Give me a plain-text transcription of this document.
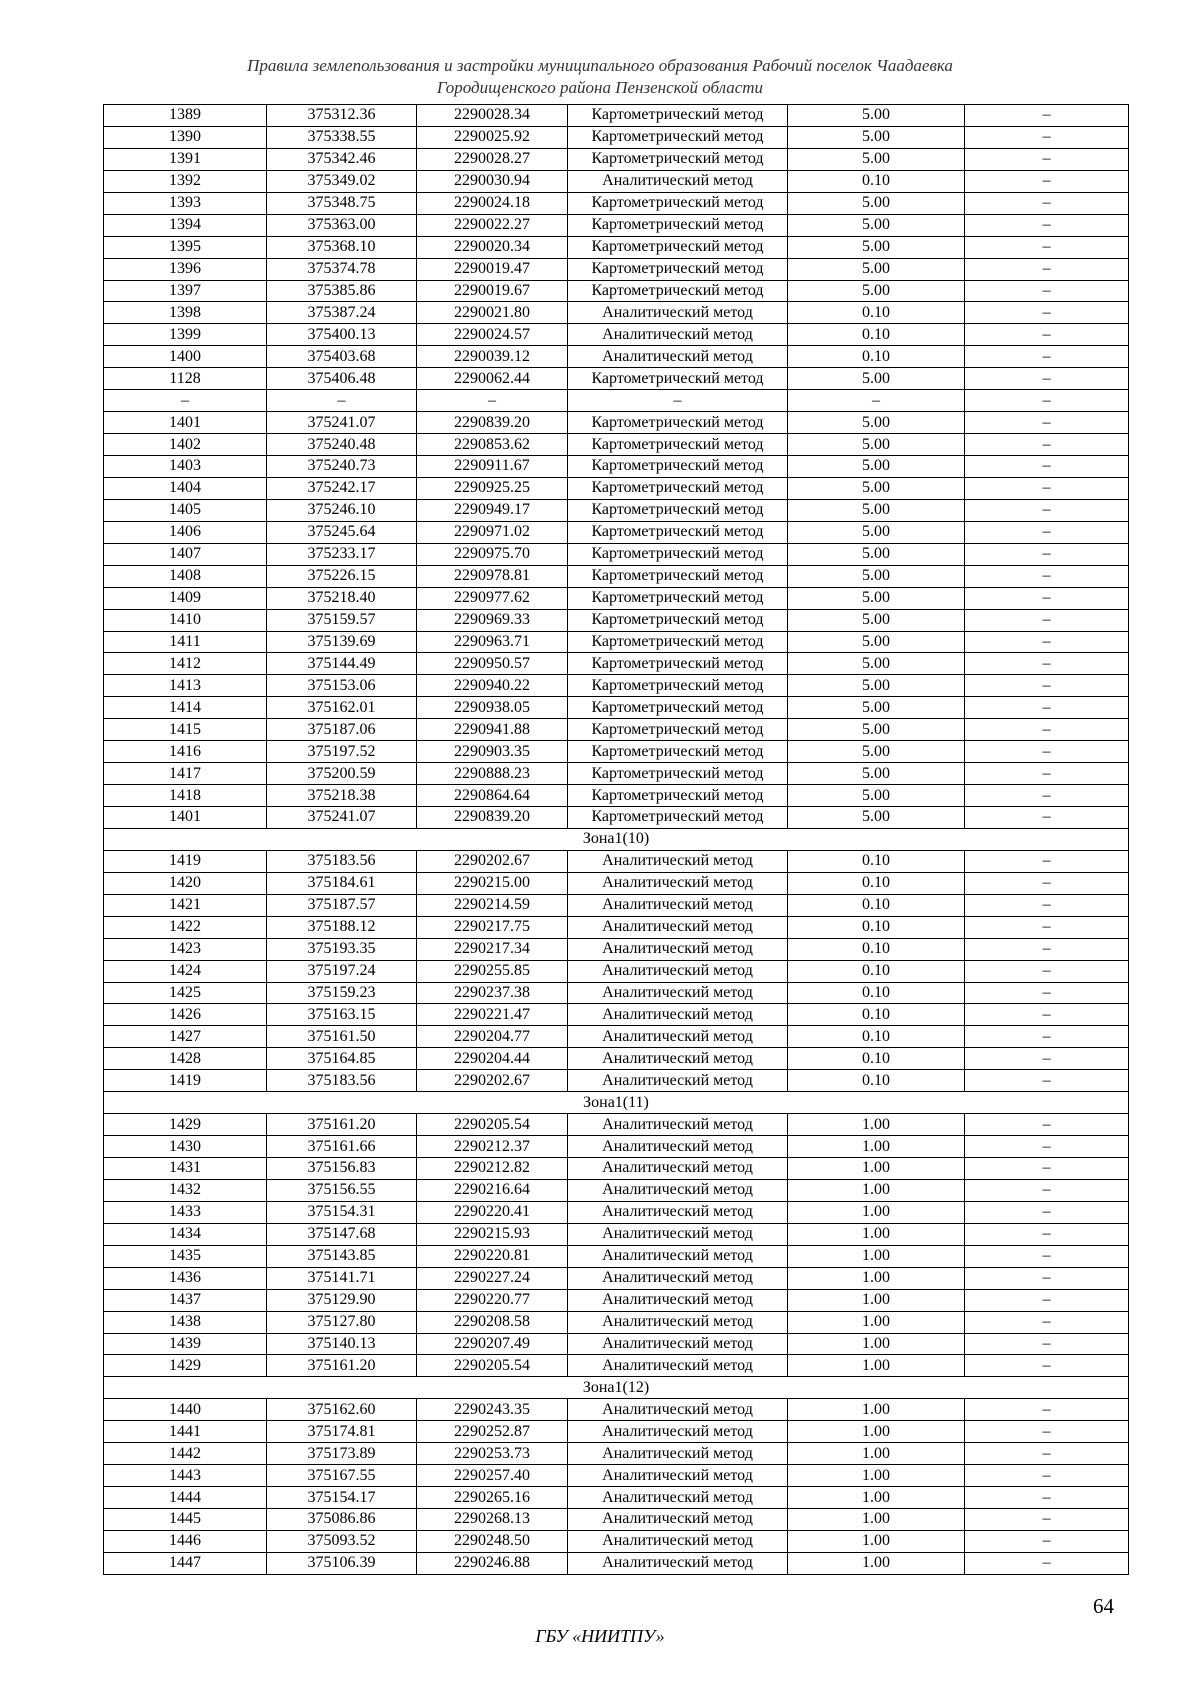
Правила землепользования и застройки муниципального образования Рабочий поселок Чаадаевка
Городищенского района Пензенской области
1389	375312.36	2290028.34	Картометрический метод	5.00	–
1390	375338.55	2290025.92	Картометрический метод	5.00	–
1391	375342.46	2290028.27	Картометрический метод	5.00	–
1392	375349.02	2290030.94	Аналитический метод	0.10	–
1393	375348.75	2290024.18	Картометрический метод	5.00	–
1394	375363.00	2290022.27	Картометрический метод	5.00	–
1395	375368.10	2290020.34	Картометрический метод	5.00	–
1396	375374.78	2290019.47	Картометрический метод	5.00	–
1397	375385.86	2290019.67	Картометрический метод	5.00	–
1398	375387.24	2290021.80	Аналитический метод	0.10	–
1399	375400.13	2290024.57	Аналитический метод	0.10	–
1400	375403.68	2290039.12	Аналитический метод	0.10	–
1128	375406.48	2290062.44	Картометрический метод	5.00	–
–	–	–	–	–	–
1401	375241.07	2290839.20	Картометрический метод	5.00	–
1402	375240.48	2290853.62	Картометрический метод	5.00	–
1403	375240.73	2290911.67	Картометрический метод	5.00	–
1404	375242.17	2290925.25	Картометрический метод	5.00	–
1405	375246.10	2290949.17	Картометрический метод	5.00	–
1406	375245.64	2290971.02	Картометрический метод	5.00	–
1407	375233.17	2290975.70	Картометрический метод	5.00	–
1408	375226.15	2290978.81	Картометрический метод	5.00	–
1409	375218.40	2290977.62	Картометрический метод	5.00	–
1410	375159.57	2290969.33	Картометрический метод	5.00	–
1411	375139.69	2290963.71	Картометрический метод	5.00	–
1412	375144.49	2290950.57	Картометрический метод	5.00	–
1413	375153.06	2290940.22	Картометрический метод	5.00	–
1414	375162.01	2290938.05	Картометрический метод	5.00	–
1415	375187.06	2290941.88	Картометрический метод	5.00	–
1416	375197.52	2290903.35	Картометрический метод	5.00	–
1417	375200.59	2290888.23	Картометрический метод	5.00	–
1418	375218.38	2290864.64	Картометрический метод	5.00	–
1401	375241.07	2290839.20	Картометрический метод	5.00	–
Зона1(10)					
1419	375183.56	2290202.67	Аналитический метод	0.10	–
1420	375184.61	2290215.00	Аналитический метод	0.10	–
1421	375187.57	2290214.59	Аналитический метод	0.10	–
1422	375188.12	2290217.75	Аналитический метод	0.10	–
1423	375193.35	2290217.34	Аналитический метод	0.10	–
1424	375197.24	2290255.85	Аналитический метод	0.10	–
1425	375159.23	2290237.38	Аналитический метод	0.10	–
1426	375163.15	2290221.47	Аналитический метод	0.10	–
1427	375161.50	2290204.77	Аналитический метод	0.10	–
1428	375164.85	2290204.44	Аналитический метод	0.10	–
1419	375183.56	2290202.67	Аналитический метод	0.10	–
Зона1(11)					
1429	375161.20	2290205.54	Аналитический метод	1.00	–
1430	375161.66	2290212.37	Аналитический метод	1.00	–
1431	375156.83	2290212.82	Аналитический метод	1.00	–
1432	375156.55	2290216.64	Аналитический метод	1.00	–
1433	375154.31	2290220.41	Аналитический метод	1.00	–
1434	375147.68	2290215.93	Аналитический метод	1.00	–
1435	375143.85	2290220.81	Аналитический метод	1.00	–
1436	375141.71	2290227.24	Аналитический метод	1.00	–
1437	375129.90	2290220.77	Аналитический метод	1.00	–
1438	375127.80	2290208.58	Аналитический метод	1.00	–
1439	375140.13	2290207.49	Аналитический метод	1.00	–
1429	375161.20	2290205.54	Аналитический метод	1.00	–
Зона1(12)					
1440	375162.60	2290243.35	Аналитический метод	1.00	–
1441	375174.81	2290252.87	Аналитический метод	1.00	–
1442	375173.89	2290253.73	Аналитический метод	1.00	–
1443	375167.55	2290257.40	Аналитический метод	1.00	–
1444	375154.17	2290265.16	Аналитический метод	1.00	–
1445	375086.86	2290268.13	Аналитический метод	1.00	–
1446	375093.52	2290248.50	Аналитический метод	1.00	–
1447	375106.39	2290246.88	Аналитический метод	1.00	–
64
ГБУ «НИИТПУ»
